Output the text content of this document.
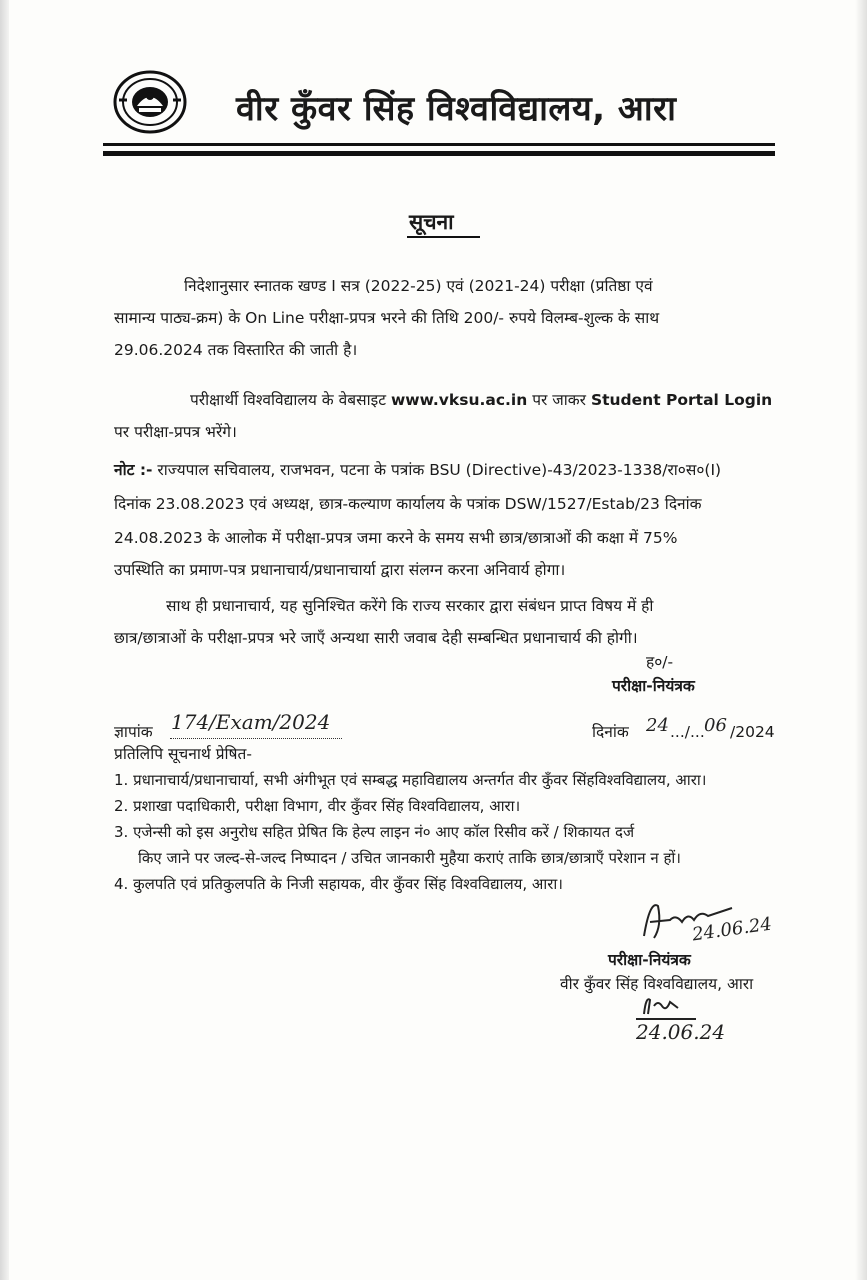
वीर कुँवर सिंह विश्वविद्यालय, आरा
सूचना
निदेशानुसार स्नातक खण्ड I सत्र (2022-25) एवं (2021-24) परीक्षा (प्रतिष्ठा एवं
सामान्य पाठ्य-क्रम) के On Line परीक्षा-प्रपत्र भरने की तिथि 200/- रुपये विलम्ब-शुल्क के साथ
29.06.2024 तक विस्तारित की जाती है।
परीक्षार्थी विश्वविद्यालय के वेबसाइट www.vksu.ac.in पर जाकर Student Portal Login
पर परीक्षा-प्रपत्र भरेंगे।
नोट :- राज्यपाल सचिवालय, राजभवन, पटना के पत्रांक BSU (Directive)-43/2023-1338/रा०स०(I)
दिनांक 23.08.2023 एवं अध्यक्ष, छात्र-कल्याण कार्यालय के पत्रांक DSW/1527/Estab/23 दिनांक
24.08.2023 के आलोक में परीक्षा-प्रपत्र जमा करने के समय सभी छात्र/छात्राओं की कक्षा में 75%
उपस्थिति का प्रमाण-पत्र प्रधानाचार्य/प्रधानाचार्या द्वारा संलग्न करना अनिवार्य होगा।
साथ ही प्रधानाचार्य, यह सुनिश्चित करेंगे कि राज्य सरकार द्वारा संबंधन प्राप्त विषय में ही
छात्र/छात्राओं के परीक्षा-प्रपत्र भरे जाएँ अन्यथा सारी जवाब देही सम्बन्धित प्रधानाचार्य की होगी।
ह०/-
परीक्षा-नियंत्रक
ज्ञापांक 174/Exam/2024	दिनांक 24 .../... 06 /2024
प्रतिलिपि सूचनार्थ प्रेषित-
1. प्रधानाचार्य/प्रधानाचार्या, सभी अंगीभूत एवं सम्बद्ध महाविद्यालय अन्तर्गत वीर कुँवर सिंहविश्वविद्यालय, आरा।
2. प्रशाखा पदाधिकारी, परीक्षा विभाग, वीर कुँवर सिंह विश्वविद्यालय, आरा।
3. एजेन्सी को इस अनुरोध सहित प्रेषित कि हेल्प लाइन नं० आए कॉल रिसीव करें / शिकायत दर्ज
किए जाने पर जल्द-से-जल्द निष्पादन / उचित जानकारी मुहैया कराएं ताकि छात्र/छात्राएँ परेशान न हों।
4. कुलपति एवं प्रतिकुलपति के निजी सहायक, वीर कुँवर सिंह विश्वविद्यालय, आरा।
24.06.24
परीक्षा-नियंत्रक
वीर कुँवर सिंह विश्वविद्यालय, आरा
24.06.24
